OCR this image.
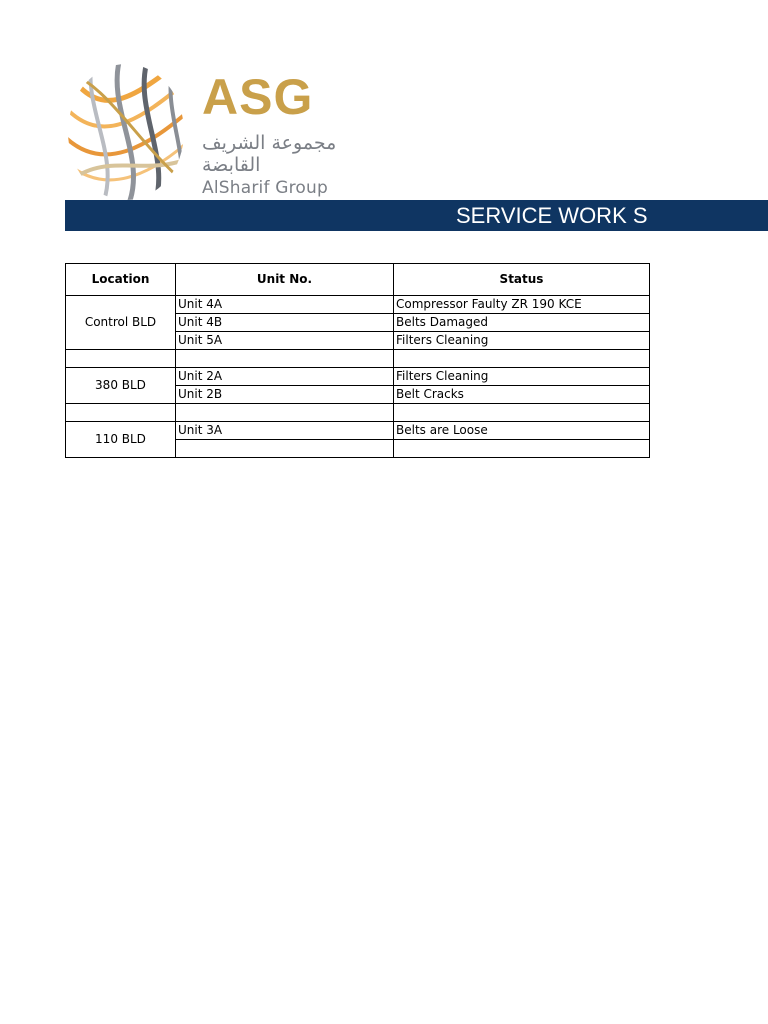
ASG
مجموعة الشريف القابضة
AlSharif Group
SERVICE WORK S
Location	Unit No.	Status
Control BLD	Unit 4A	Compressor Faulty ZR 190 KCE
	Unit 4B	Belts Damaged
	Unit 5A	Filters Cleaning

380 BLD	Unit 2A	Filters Cleaning
	Unit 2B	Belt Cracks

110 BLD	Unit 3A	Belts are Loose
